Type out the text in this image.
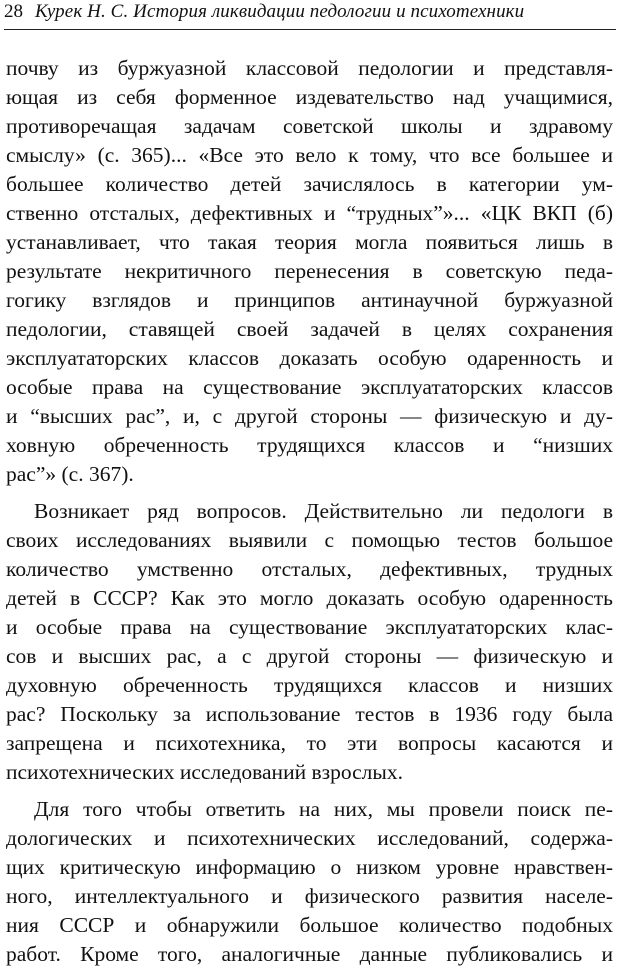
28 Курек Н. С. История ликвидации педологии и психотехники
почву из буржуазной классовой педологии и представля-
ющая из себя форменное издевательство над учащимися,
противоречащая задачам советской школы и здравому
смыслу» (с. 365)... «Все это вело к тому, что все большее и
большее количество детей зачислялось в категории ум-
ственно отсталых, дефективных и “трудных”»... «ЦК ВКП (б)
устанавливает, что такая теория могла появиться лишь в
результате некритичного перенесения в советскую педа-
гогику взглядов и принципов антинаучной буржуазной
педологии, ставящей своей задачей в целях сохранения
эксплуататорских классов доказать особую одаренность и
особые права на существование эксплуататорских классов
и “высших рас”, и, с другой стороны — физическую и ду-
ховную обреченность трудящихся классов и “низших
рас”» (с. 367).
Возникает ряд вопросов. Действительно ли педологи в
своих исследованиях выявили с помощью тестов большое
количество умственно отсталых, дефективных, трудных
детей в СССР? Как это могло доказать особую одаренность
и особые права на существование эксплуататорских клас-
сов и высших рас, а с другой стороны — физическую и
духовную обреченность трудящихся классов и низших
рас? Поскольку за использование тестов в 1936 году была
запрещена и психотехника, то эти вопросы касаются и
психотехнических исследований взрослых.
Для того чтобы ответить на них, мы провели поиск пе-
дологических и психотехнических исследований, содержа-
щих критическую информацию о низком уровне нравствен-
ного, интеллектуального и физического развития населе-
ния СССР и обнаружили большое количество подобных
работ. Кроме того, аналогичные данные публиковались и
